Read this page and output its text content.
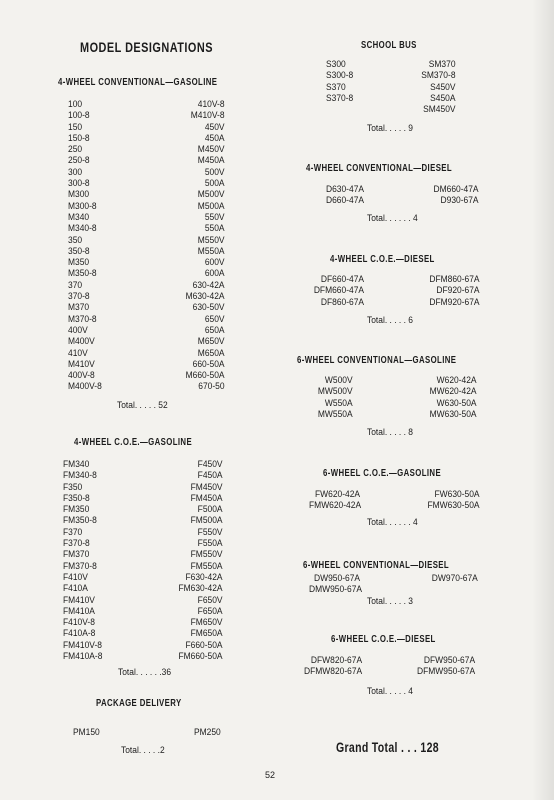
MODEL DESIGNATIONS
4-WHEEL CONVENTIONAL—GASOLINE
100
100-8
150
150-8
250
250-8
300
300-8
M300
M300-8
M340
M340-8
350
350-8
M350
M350-8
370
370-8
M370
M370-8
400V
M400V
410V
M410V
400V-8
M400V-8
410V-8
M410V-8
450V
450A
M450V
M450A
500V
500A
M500V
M500A
550V
550A
M550V
M550A
600V
600A
630-42A
M630-42A
630-50V
650V
650A
M650V
M650A
660-50A
M660-50A
670-50
Total. . . . . 52
4-WHEEL C.O.E.—GASOLINE
FM340
FM340-8
F350
F350-8
FM350
FM350-8
F370
F370-8
FM370
FM370-8
F410V
F410A
FM410V
FM410A
F410V-8
F410A-8
FM410V-8
FM410A-8
F450V
F450A
FM450V
FM450A
F500A
FM500A
F550V
F550A
FM550V
FM550A
F630-42A
FM630-42A
F650V
F650A
FM650V
FM650A
F660-50A
FM660-50A
Total. . . . . .36
PACKAGE DELIVERY
PM150	PM250
Total. . . . .2
SCHOOL BUS
S300
S300-8
S370
S370-8
SM370
SM370-8
S450V
S450A
SM450V
Total. . . . . 9
4-WHEEL CONVENTIONAL—DIESEL
D630-47A
D660-47A
DM660-47A
D930-67A
Total. . . . . . 4
4-WHEEL C.O.E.—DIESEL
DF660-47A
DFM660-47A
DF860-67A
DFM860-67A
DF920-67A
DFM920-67A
Total. . . . . 6
6-WHEEL CONVENTIONAL—GASOLINE
W500V
MW500V
W550A
MW550A
W620-42A
MW620-42A
W630-50A
MW630-50A
Total. . . . . 8
6-WHEEL C.O.E.—GASOLINE
FW620-42A
FMW620-42A
FW630-50A
FMW630-50A
Total. . . . . . 4
6-WHEEL CONVENTIONAL—DIESEL
DW950-67A
DMW950-67A
DW970-67A
Total. . . . . 3
6-WHEEL C.O.E.—DIESEL
DFW820-67A
DFMW820-67A
DFW950-67A
DFMW950-67A
Total. . . . . 4
Grand Total . . . 128
52
